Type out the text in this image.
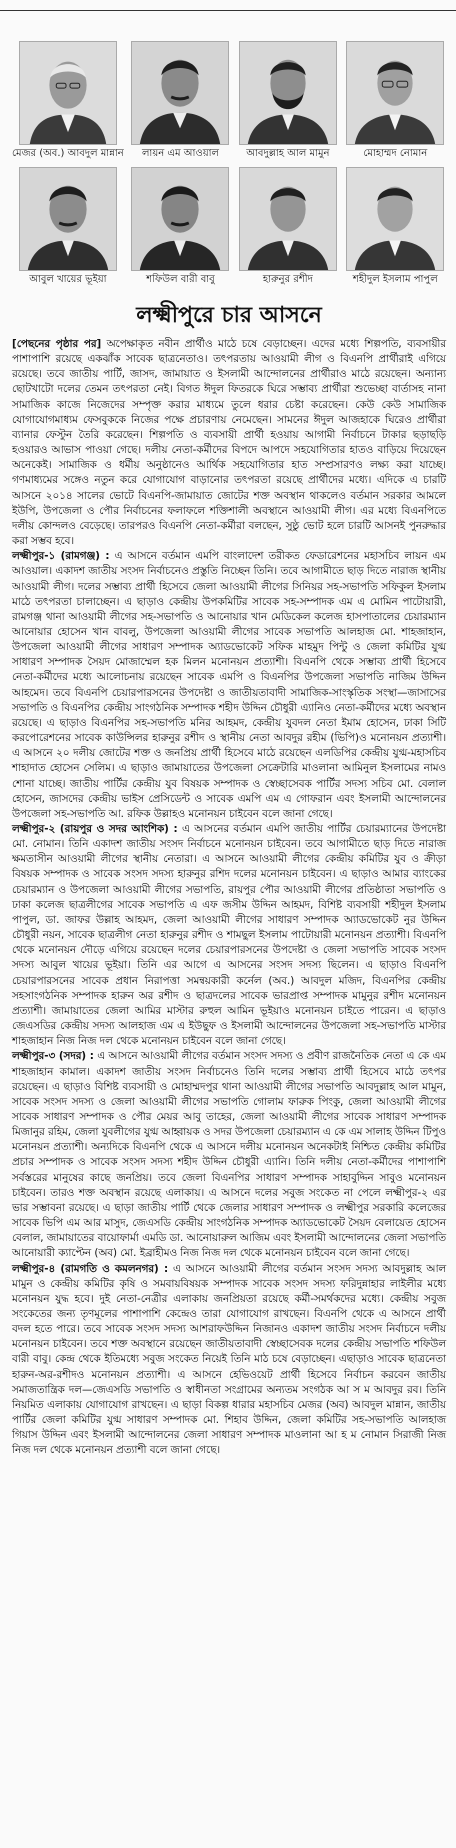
মেজর (অব.) আবদুল মান্নান লায়ন এম আওয়াল	আবদুল্লাহ আল মামুন	মোহাম্মদ নোমান
আবুল খায়ের ভূইয়া	শফিউল বারী বাবু	হারুনুর রশীদ	শহীদুল ইসলাম পাপুল
লক্ষ্মীপুরে চার আসনে

[পেছনের পৃষ্ঠার পর] অপেক্ষাকৃত নবীন প্রার্থীও মাঠে চষে বেড়াচ্ছেন। এদের মধ্যে শিল্পপতি, ব্যবসায়ীর পাশাপাশি রয়েছে একঝাঁক সাবেক ছাত্রনেতাও। তৎপরতায় আওয়ামী লীগ ও বিএনপি প্রার্থীরাই এগিয়ে রয়েছে। তবে জাতীয় পার্টি, জাসদ, জামায়াত ও ইসলামী আন্দোলনের প্রার্থীরাও মাঠে রয়েছেন। অন্যান্য ছোটখাটো দলের তেমন তৎপরতা নেই। বিগত ঈদুল ফিতরকে ঘিরে সম্ভাব্য প্রার্থীরা শুভেচ্ছা বার্তাসহ নানা সামাজিক কাজে নিজেদের সম্পৃক্ত করার মাধ্যমে তুলে ধরার চেষ্টা করেছেন। কেউ কেউ সামাজিক যোগাযোগমাধ্যম ফেসবুককে নিজের পক্ষে প্রচারণায় নেমেছেন। সামনের ঈদুল আজহাকে ঘিরেও প্রার্থীরা ব্যানার ফেস্টুন তৈরি করেছেন। শিল্পপতি ও ব্যবসায়ী প্রার্থী হওয়ায় আগামী নির্বাচনে টাকার ছড়াছড়ি হওয়ারও আভাস পাওয়া গেছে। দলীয় নেতা-কর্মীদের বিপদে আপদে সহযোগিতার হাতও বাড়িয়ে দিয়েছেন অনেকেই। সামাজিক ও ধর্মীয় অনুষ্ঠানেও আর্থিক সহযোগিতার হাত সম্প্রসারণও লক্ষ্য করা যাচ্ছে। গণমাধ্যমের সঙ্গেও নতুন করে যোগাযোগ বাড়ানোর তৎপরতা রয়েছে প্রার্থীদের মধ্যে। এদিকে এ চারটি আসনে ২০১৪ সালের ভোটে বিএনপি-জামায়াত জোটের শক্ত অবস্থান থাকলেও বর্তমান সরকার আমলে ইউপি, উপজেলা ও পৌর নির্বাচনের ফলাফলে শক্তিশালী অবস্থানে আওয়ামী লীগ। এর মধ্যে বিএনপিতে দলীয় কোন্দলও বেড়েছে। তারপরও বিএনপি নেতা-কর্মীরা বলছেন, সুষ্ঠু ভোট হলে চারটি আসনই পুনরুদ্ধার করা সম্ভব হবে।

লক্ষ্মীপুর-১ (রামগঞ্জ) : এ আসনে বর্তমান এমপি বাংলাদেশ তরীকত ফেডারেশনের মহাসচিব লায়ন এম আওয়াল। একাদশ জাতীয় সংসদ নির্বাচনেও প্রস্তুতি নিচ্ছেন তিনি। তবে আগামীতে ছাড় দিতে নারাজ স্থানীয় আওয়ামী লীগ। দলের সম্ভাব্য প্রার্থী হিসেবে জেলা আওয়ামী লীগের সিনিয়র সহ-সভাপতি সফিকুল ইসলাম মাঠে তৎপরতা চালাচ্ছেন। এ ছাড়াও কেন্দ্রীয় উপকমিটির সাবেক সহ-সম্পাদক এম এ মোমিন পাটোয়ারী, রামগঞ্জ থানা আওয়ামী লীগের সহ-সভাপতি ও আনোয়ার খান মেডিকেল কলেজ হাসপাতালের চেয়ারম্যান আনোয়ার হোসেন খান বাবলু, উপজেলা আওয়ামী লীগের সাবেক সভাপতি আলহাজ মো. শাহজাহান, উপজেলা আওয়ামী লীগের সাধারণ সম্পাদক অ্যাডভোকেট সফিক মাহমুদ পিন্টু ও জেলা কমিটির যুগ্ম সাধারণ সম্পাদক সৈয়দ মোজাম্মেল হক মিলন মনোনয়ন প্রত্যাশী। বিএনপি থেকে সম্ভাব্য প্রার্থী হিসেবে নেতা-কর্মীদের মধ্যে আলোচনায় রয়েছেন সাবেক এমপি ও বিএনপির উপজেলা সভাপতি নাজিম উদ্দিন আহমেদ। তবে বিএনপি চেয়ারপারসনের উপদেষ্টা ও জাতীয়তাবাদী সামাজিক-সাংস্কৃতিক সংস্থা—জাসাসের সভাপতি ও বিএনপির কেন্দ্রীয় সাংগঠনিক সম্পাদক শহীদ উদ্দিন চৌধুরী এ্যানিও নেতা-কর্মীদের মধ্যে অবস্থান রয়েছে। এ ছাড়াও বিএনপির সহ-সভাপতি মনির আহমদ, কেন্দ্রীয় যুবদল নেতা ইমাম হোসেন, ঢাকা সিটি করপোরেশনের সাবেক কাউন্সিলর হারুনুর রশীদ ও স্থানীয় নেতা আবদুর রহীম (ভিপি)ও মনোনয়ন প্রত্যাশী। এ আসনে ২০ দলীয় জোটের শক্ত ও জনপ্রিয় প্রার্থী হিসেবে মাঠে রয়েছেন এলডিপির কেন্দ্রীয় যুগ্ম-মহাসচিব শাহাদাত হোসেন সেলিম। এ ছাড়াও জামায়াতের উপজেলা সেক্রেটারি মাওলানা আমিনুল ইসলামের নামও শোনা যাচ্ছে। জাতীয় পার্টির কেন্দ্রীয় যুব বিষয়ক সম্পাদক ও স্বেচ্ছাসেবক পার্টির সদস্য সচিব মো. বেলাল হোসেন, জাসদের কেন্দ্রীয় ভাইস প্রেসিডেন্ট ও সাবেক এমপি এম এ গোফরান এবং ইসলামী আন্দোলনের উপজেলা সহ-সভাপতি আ. রফিক উল্লাহও মনোনয়ন চাইবেন বলে জানা গেছে।

লক্ষ্মীপুর-২ (রায়পুর ও সদর আংশিক) : এ আসনের বর্তমান এমপি জাতীয় পার্টির চেয়ারম্যানের উপদেষ্টা মো. নোমান। তিনি একাদশ জাতীয় সংসদ নির্বাচনে মনোনয়ন চাইবেন। তবে আগামীতে ছাড় দিতে নারাজ ক্ষমতাসীন আওয়ামী লীগের স্থানীয় নেতারা। এ আসনে আওয়ামী লীগের কেন্দ্রীয় কমিটির যুব ও ক্রীড়া বিষয়ক সম্পাদক ও সাবেক সংসদ সদস্য হারুনুর রশিদ দলের মনোনয়ন চাইবেন। এ ছাড়াও আমার ব্যাংকের চেয়ারম্যান ও উপজেলা আওয়ামী লীগের সভাপতি, রায়পুর পৌর আওয়ামী লীগের প্রতিষ্ঠাতা সভাপতি ও ঢাকা কলেজ ছাত্রলীগের সাবেক সভাপতি এ এফ জসীম উদ্দিন আহমদ, বিশিষ্ট ব্যবসায়ী শহীদুল ইসলাম পাপুল, ডা. জাফর উল্লাহ আহমদ, জেলা আওয়ামী লীগের সাধারণ সম্পাদক অ্যাডভোকেট নুর উদ্দিন চৌধুরী নয়ন, সাবেক ছাত্রলীগ নেতা হারুনুর রশীদ ও শামছুল ইসলাম পাটোয়ারী মনোনয়ন প্রত্যাশী। বিএনপি থেকে মনোনয়ন দৌড়ে এগিয়ে রয়েছেন দলের চেয়ারপারসনের উপদেষ্টা ও জেলা সভাপতি সাবেক সংসদ সদস্য আবুল খায়ের ভূইয়া। তিনি এর আগে এ আসনের সংসদ সদস্য ছিলেন। এ ছাড়াও বিএনপি চেয়ারপারসনের সাবেক প্রধান নিরাপত্তা সমন্বয়কারী কর্নেল (অব.) আবদুল মজিদ, বিএনপির কেন্দ্রীয় সহসাংগঠনিক সম্পাদক হারুন অর রশীদ ও ছাত্রদলের সাবেক ভারপ্রাপ্ত সম্পাদক মামুনুর রশীদ মনোনয়ন প্রত্যাশী। জামায়াতের জেলা আমির মাস্টার রুহুল আমিন ভূইয়াও মনোনয়ন চাইতে পারেন। এ ছাড়াও জেএসডির কেন্দ্রীয় সদস্য আলহাজ এম এ ইউছুফ ও ইসলামী আন্দোলনের উপজেলা সহ-সভাপতি মাস্টার শাহজাহান নিজ নিজ দল থেকে মনোনয়ন চাইবেন বলে জানা গেছে।

লক্ষ্মীপুর-৩ (সদর) : এ আসনে আওয়ামী লীগের বর্তমান সংসদ সদস্য ও প্রবীণ রাজনৈতিক নেতা এ কে এম শাহজাহান কামাল। একাদশ জাতীয় সংসদ নির্বাচনেও তিনি দলের সম্ভাব্য প্রার্থী হিসেবে মাঠে তৎপর রয়েছেন। এ ছাড়াও বিশিষ্ট ব্যবসায়ী ও মোহাম্মদপুর থানা আওয়ামী লীগের সভাপতি আবদুল্লাহ আল মামুন, সাবেক সংসদ সদস্য ও জেলা আওয়ামী লীগের সভাপতি গোলাম ফারুক পিংকু, জেলা আওয়ামী লীগের সাবেক সাধারণ সম্পাদক ও পৌর মেয়র আবু তাহের, জেলা আওয়ামী লীগের সাবেক সাধারণ সম্পাদক মিজানুর রহিম, জেলা যুবলীগের যুগ্ম আহ্বায়ক ও সদর উপজেলা চেয়ারম্যান এ কে এম সালাহ উদ্দিন টিপুও মনোনয়ন প্রত্যাশী। অন্যদিকে বিএনপি থেকে এ আসনে দলীয় মনোনয়ন অনেকটাই নিশ্চিত কেন্দ্রীয় কমিটির প্রচার সম্পাদক ও সাবেক সংসদ সদস্য শহীদ উদ্দিন চৌধুরী এ্যানি। তিনি দলীয় নেতা-কর্মীদের পাশাপাশি সর্বস্তরের মানুষের কাছে জনপ্রিয়। তবে জেলা বিএনপির সাধারণ সম্পাদক সাহাবুদ্দিন সাবুও মনোনয়ন চাইবেন। তারও শক্ত অবস্থান রয়েছে এলাকায়। এ আসনে দলের সবুজ সংকেত না পেলে লক্ষ্মীপুর-২ এর ভার সম্ভাবনা রয়েছে। এ ছাড়া জাতীয় পার্টি থেকে জেলার সাধারণ সম্পাদক ও লক্ষ্মীপুর সরকারি কলেজের সাবেক ভিপি এম আর মাসুদ, জেএসডি কেন্দ্রীয় সাংগঠনিক সম্পাদক অ্যাডভোকেট সৈয়দ বেলায়েত হোসেন বেলাল, জামায়াতের বায়োফার্মা এমডি ডা. আনোয়ারুল আজিম এবং ইসলামী আন্দোলনের জেলা সভাপতি আনোয়ারী ক্যাপ্টেন (অব) মো. ইব্রাহীমও নিজ নিজ দল থেকে মনোনয়ন চাইবেন বলে জানা গেছে।

লক্ষ্মীপুর-৪ (রামগতি ও কমলনগর) : এ আসনে আওয়ামী লীগের বর্তমান সংসদ সদস্য আবদুল্লাহ আল মামুন ও কেন্দ্রীয় কমিটির কৃষি ও সমবায়বিষয়ক সম্পাদক সাবেক সংসদ সদস্য ফরিদুন্নাহার লাইলীর মধ্যে মনোনয়ন যুদ্ধ হবে। দুই নেতা-নেত্রীর এলাকায় জনপ্রিয়তা রয়েছে কর্মী-সমর্থকদের মধ্যে। কেন্দ্রীয় সবুজ সংকেতের জন্য তৃণমূলের পাশাপাশি কেন্দ্রেও তারা যোগাযোগ রাখছেন। বিএনপি থেকে এ আসনে প্রার্থী বদল হতে পারে। তবে সাবেক সংসদ সদস্য আশরাফউদ্দিন নিজানও একাদশ জাতীয় সংসদ নির্বাচনে দলীয় মনোনয়ন চাইবেন। তবে শক্ত অবস্থানে রয়েছেন জাতীয়তাবাদী স্বেচ্ছাসেবক দলের কেন্দ্রীয় সভাপতি শফিউল বারী বাবু। কেন্দ্র থেকে ইতিমধ্যে সবুজ সংকেত নিয়েই তিনি মাঠ চষে বেড়াচ্ছেন। এছাড়াও সাবেক ছাত্রনেতা হারুন-অর-রশীদও মনোনয়ন প্রত্যাশী। এ আসনে হেভিওয়েট প্রার্থী হিসেবে নির্বাচন করবেন জাতীয় সমাজতান্ত্রিক দল—জেএসডি সভাপতি ও স্বাধীনতা সংগ্রামের অন্যতম সংগঠক আ স ম আবদুর রব। তিনি নিয়মিত এলাকায় যোগাযোগ রাখছেন। এ ছাড়া বিকল্প ধারার মহাসচিব মেজর (অব) আবদুল মান্নান, জাতীয় পার্টির জেলা কমিটির যুগ্ম সাধারণ সম্পাদক মো. শিহাব উদ্দিন, জেলা কমিটির সহ-সভাপতি আলহাজ গিয়াস উদ্দিন এবং ইসলামী আন্দোলনের জেলা সাধারণ সম্পাদক মাওলানা আ হ ম নোমান সিরাজী নিজ নিজ দল থেকে মনোনয়ন প্রত্যাশী বলে জানা গেছে।
